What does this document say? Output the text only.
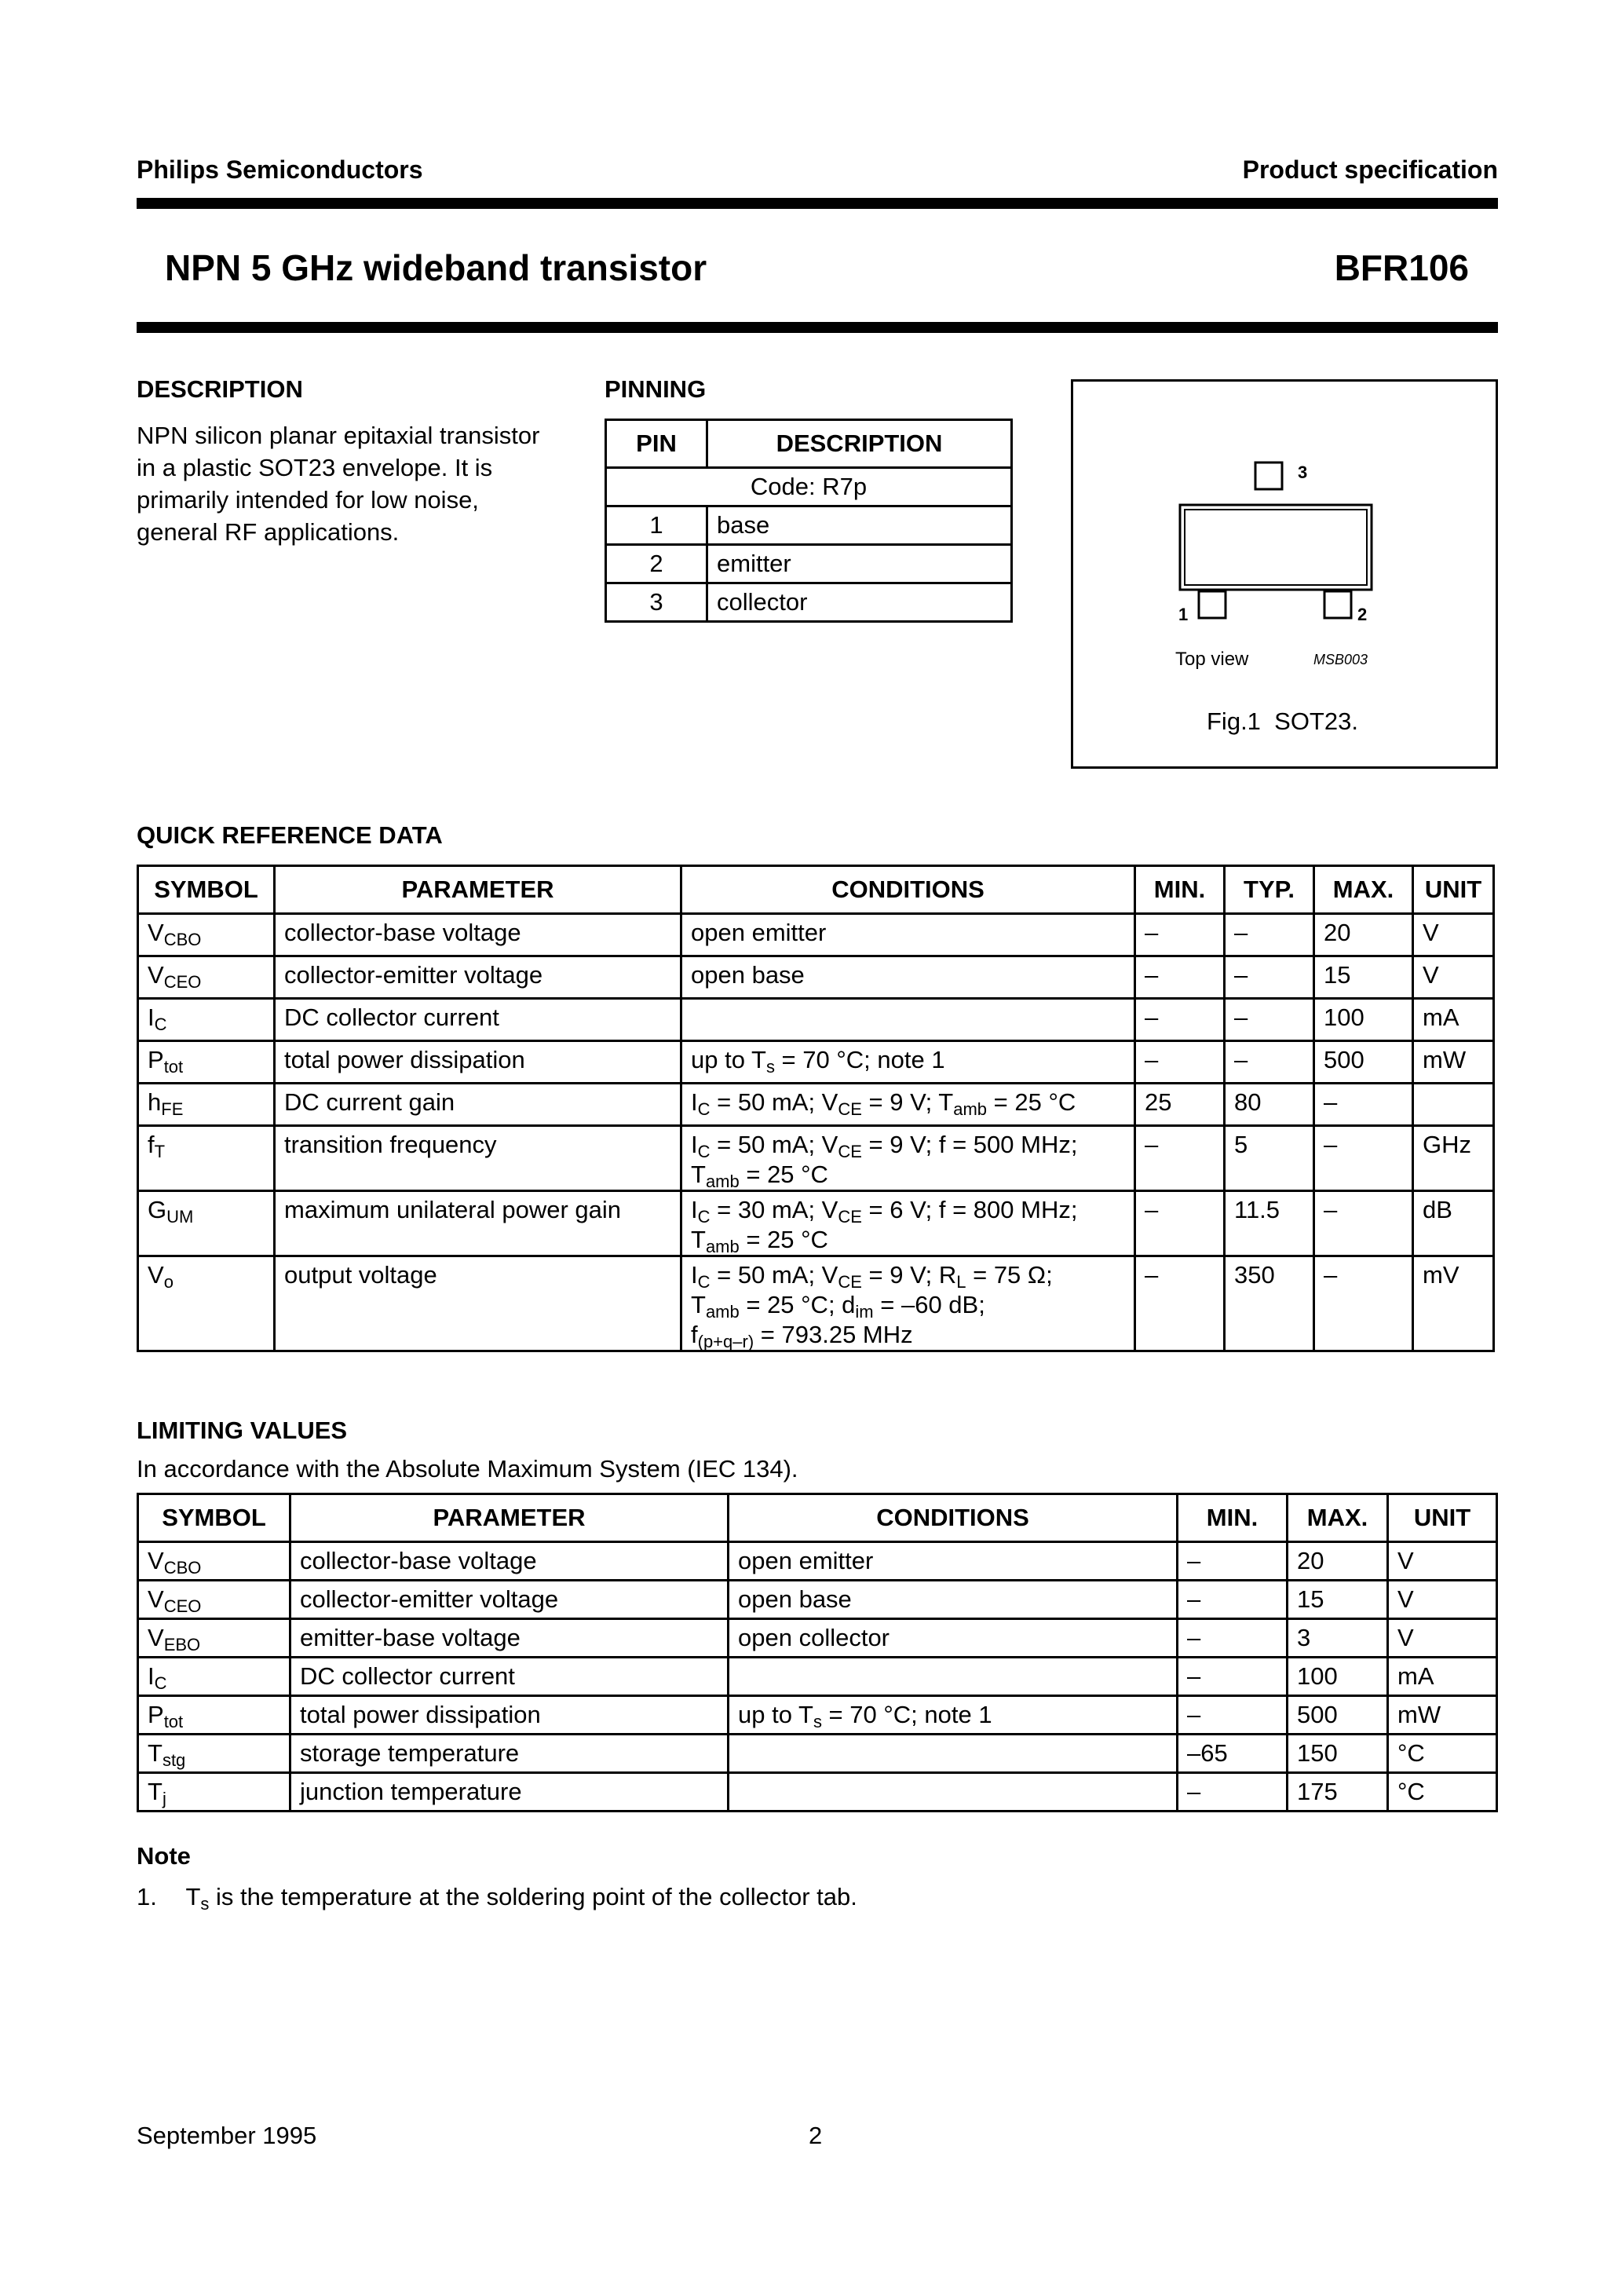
Philips Semiconductors	Product specification
NPN 5 GHz wideband transistor	BFR106
DESCRIPTION
NPN silicon planar epitaxial transistor
in a plastic SOT23 envelope. It is
primarily intended for low noise,
general RF applications.
PINNING
PIN	DESCRIPTION
Code: R7p	
1	base
2	emitter
3	collector
3
1	2
Top view	MSB003
Fig.1  SOT23.
QUICK REFERENCE DATA
SYMBOL	PARAMETER	CONDITIONS	MIN.	TYP.	MAX.	UNIT
$V_{CBO}$	collector-base voltage	open emitter	–	–	20	V
$V_{CEO}$	collector-emitter voltage	open base	–	–	15	V
$I_C$	DC collector current		–	–	100	mA
$P_{tot}$	total power dissipation	up to $T_s = 70$ °C; note 1	–	–	500	mW
$h_{FE}$	DC current gain	$I_C = 50$ mA; $V_{CE} = 9$ V; $T_{amb} = 25$ °C	25	80	–	
$f_T$	transition frequency	$I_C = 50$ mA; $V_{CE} = 9$ V; f = 500 MHz;
$T_{amb} = 25$ °C	–	5	–	GHz
$G_{UM}$	maximum unilateral power gain	$I_C = 30$ mA; $V_{CE} = 6$ V; f = 800 MHz;
$T_{amb} = 25$ °C	–	11.5	–	dB
$V_o$	output voltage	$I_C = 50$ mA; $V_{CE} = 9$ V; $R_L = 75$ Ω;
$T_{amb} = 25$ °C; $d_{im} = -60$ dB;
$f_{(p+q-r)} = 793.25$ MHz	–	350	–	mV
LIMITING VALUES
In accordance with the Absolute Maximum System (IEC 134).
SYMBOL	PARAMETER	CONDITIONS	MIN.	MAX.	UNIT
$V_{CBO}$	collector-base voltage	open emitter	–	20	V
$V_{CEO}$	collector-emitter voltage	open base	–	15	V
$V_{EBO}$	emitter-base voltage	open collector	–	3	V
$I_C$	DC collector current		–	100	mA
$P_{tot}$	total power dissipation	up to $T_s = 70$ °C; note 1	–	500	mW
$T_{stg}$	storage temperature		–65	150	°C
$T_j$	junction temperature		–	175	°C
Note
1. $T_s$ is the temperature at the soldering point of the collector tab.
September 1995	2
